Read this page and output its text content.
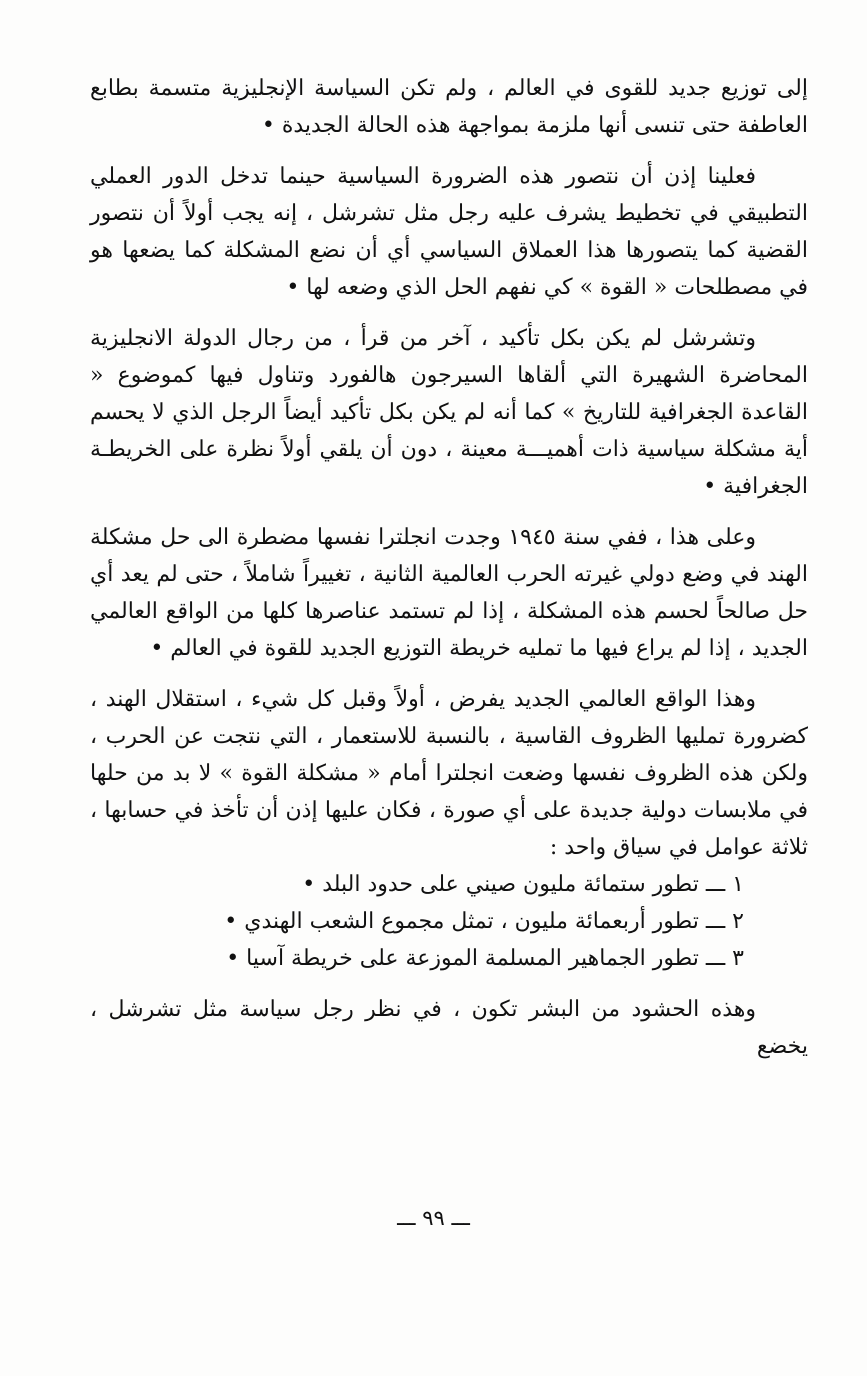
إلى توزيع جديد للقوى في العالم ، ولم تكن السياسة الإنجليزية متسمة بطابع العاطفة حتى تنسى أنها ملزمة بمواجهة هذه الحالة الجديدة •

فعلينا إذن أن نتصور هذه الضرورة السياسية حينما تدخل الدور العملي التطبيقي في تخطيط يشرف عليه رجل مثل تشرشل ، إنه يجب أولاً أن نتصور القضية كما يتصورها هذا العملاق السياسي أي أن نضع المشكلة كما يضعها هو في مصطلحات « القوة » كي نفهم الحل الذي وضعه لها •

وتشرشل لم يكن بكل تأكيد ، آخر من قرأ ، من رجال الدولة الانجليزية المحاضرة الشهيرة التي ألقاها السيرجون هالفورد وتناول فيها كموضوع « القاعدة الجغرافية للتاريخ » كما أنه لم يكن بكل تأكيد أيضاً الرجل الذي لا يحسم أية مشكلة سياسية ذات أهميـــة معينة ، دون أن يلقي أولاً نظرة على الخريطـة الجغرافية •

وعلى هذا ، ففي سنة ١٩٤٥ وجدت انجلترا نفسها مضطرة الى حل مشكلة الهند في وضع دولي غيرته الحرب العالمية الثانية ، تغييراً شاملاً ، حتى لم يعد أي حل صالحاً لحسم هذه المشكلة ، إذا لم تستمد عناصرها كلها من الواقع العالمي الجديد ، إذا لم يراع فيها ما تمليه خريطة التوزيع الجديد للقوة في العالم •

وهذا الواقع العالمي الجديد يفرض ، أولاً وقبل كل شيء ، استقلال الهند ، كضرورة تمليها الظروف القاسية ، بالنسبة للاستعمار ، التي نتجت عن الحرب ، ولكن هذه الظروف نفسها وضعت انجلترا أمام « مشكلة القوة » لا بد من حلها في ملابسات دولية جديدة على أي صورة ، فكان عليها إذن أن تأخذ في حسابها ، ثلاثة عوامل في سياق واحد :

١ ـــ تطور ستمائة مليون صيني على حدود البلد •

٢ ـــ تطور أربعمائة مليون ، تمثل مجموع الشعب الهندي •

٣ ـــ تطور الجماهير المسلمة الموزعة على خريطة آسيا •

وهذه الحشود من البشر تكون ، في نظر رجل سياسة مثل تشرشل ، يخضع

ـــ ٩٩ ـــ
